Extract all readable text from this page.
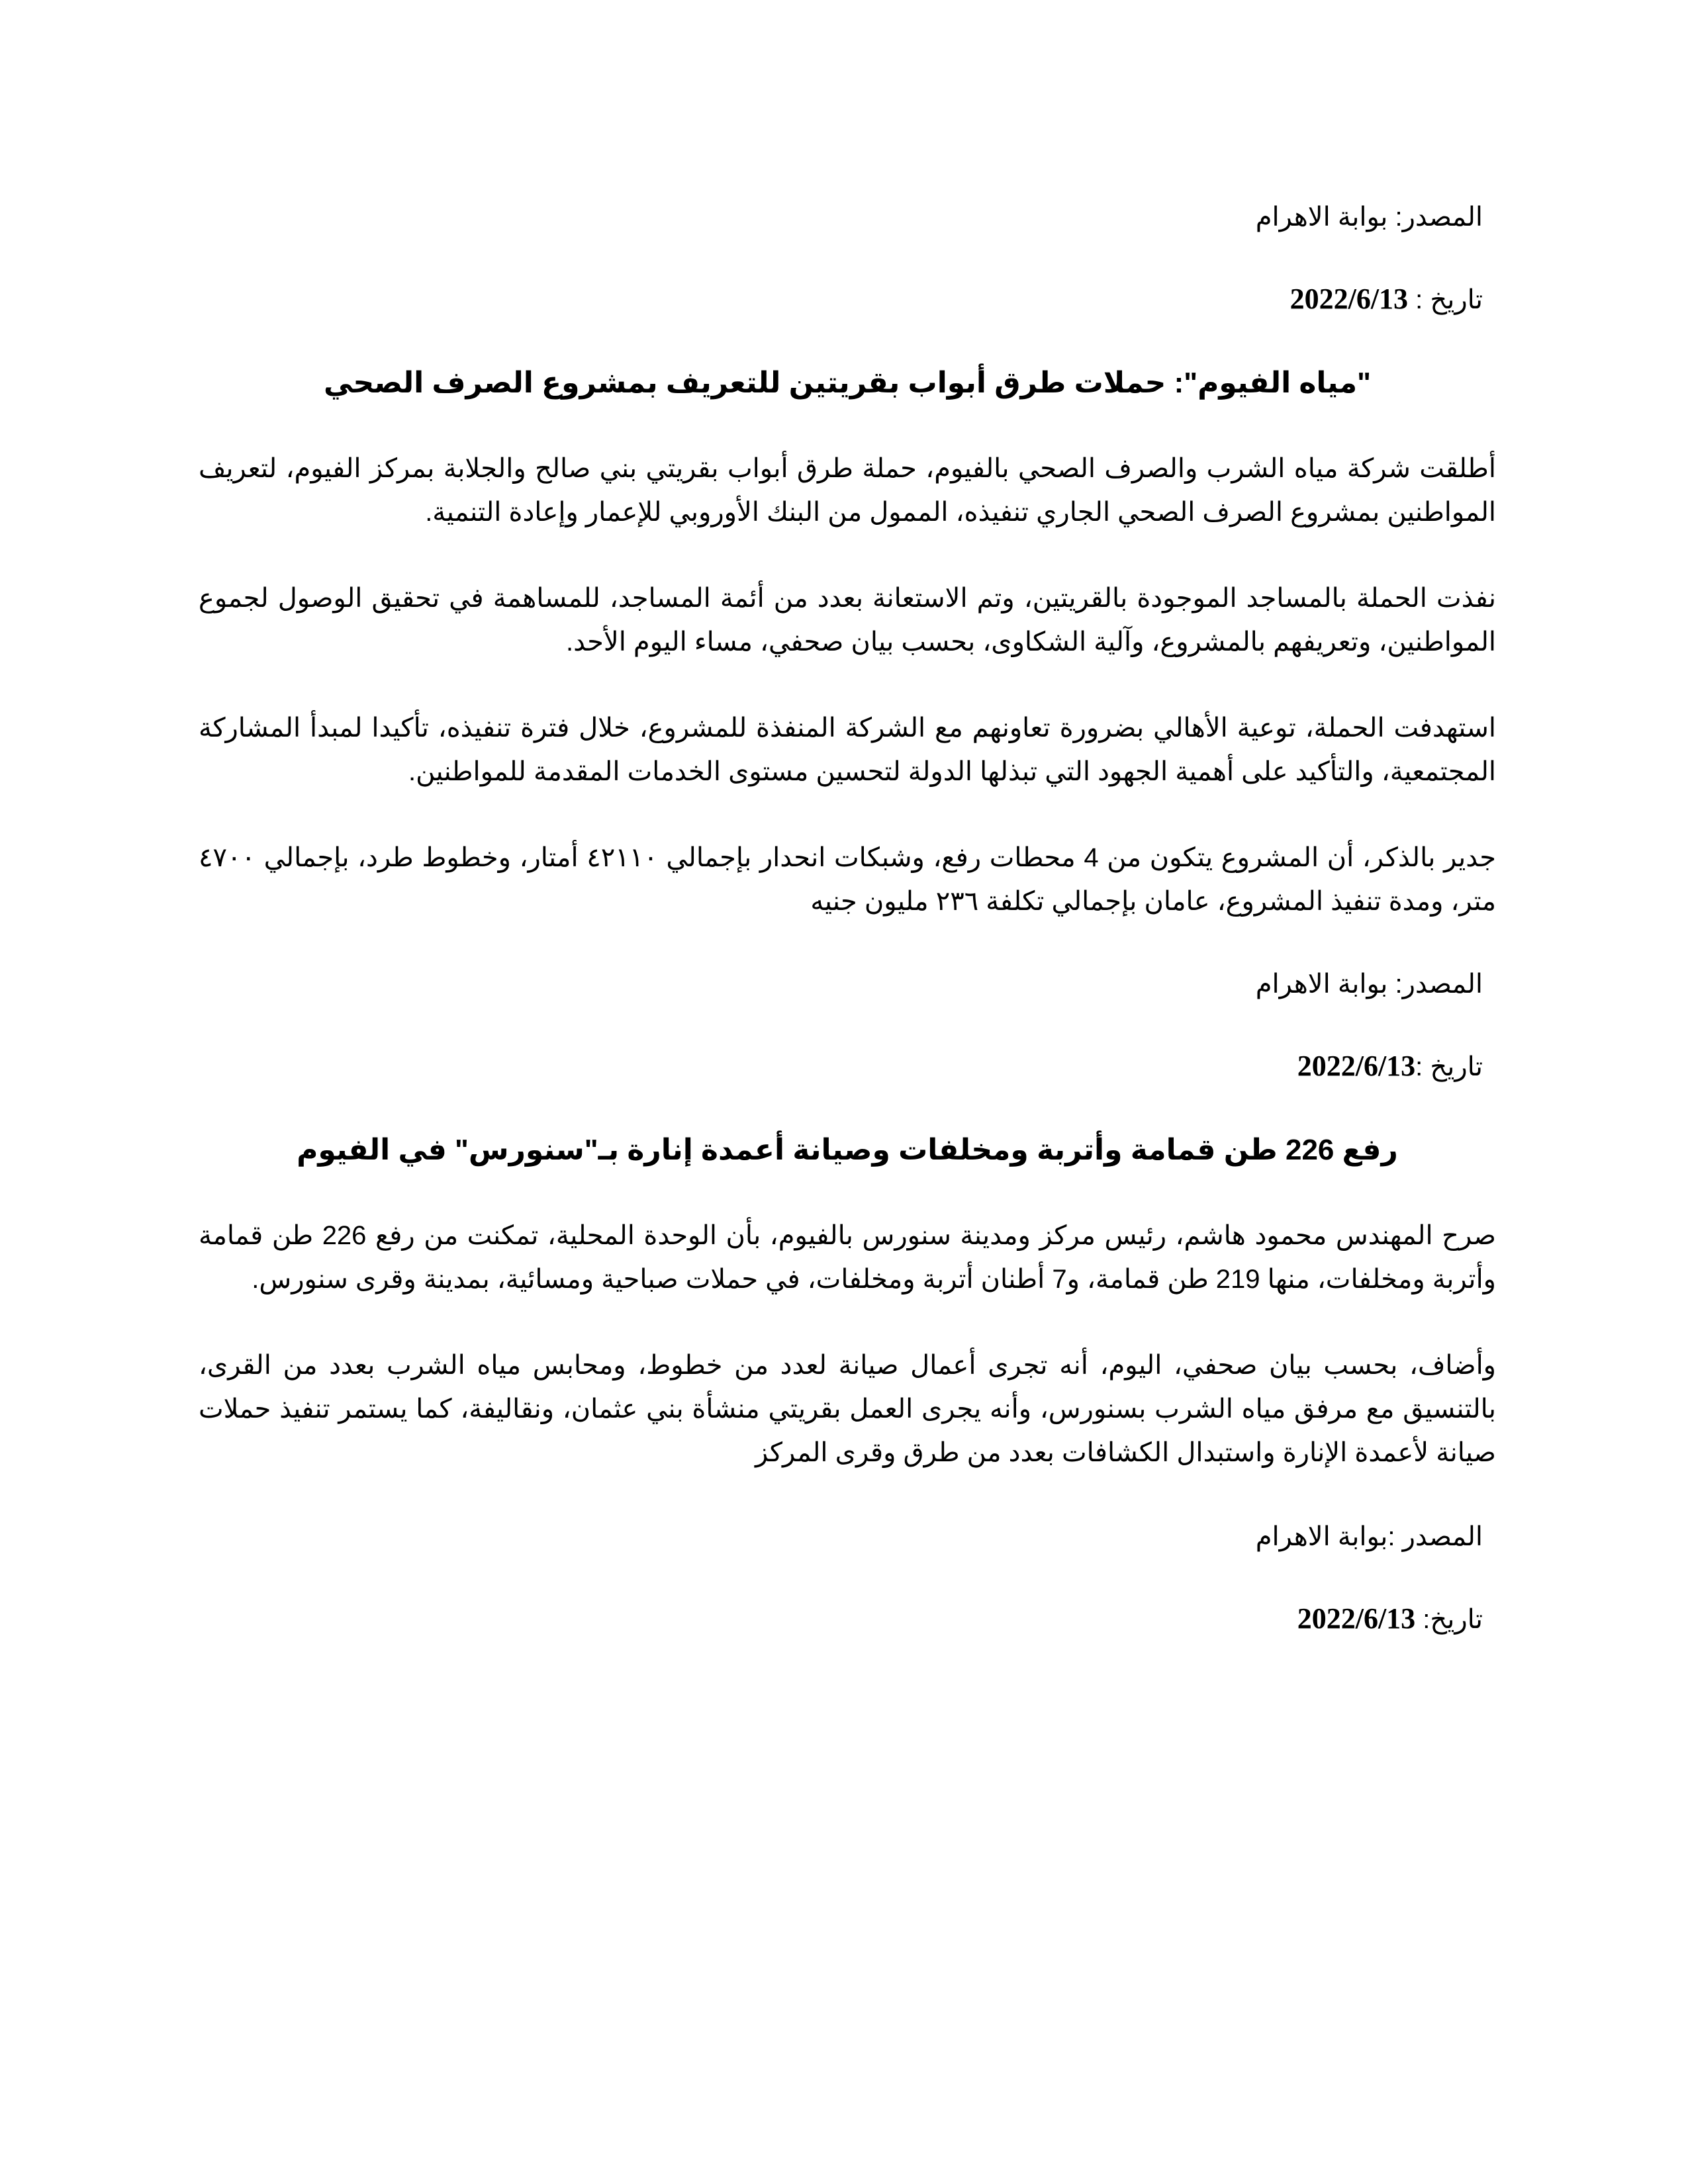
المصدر: بوابة الاهرام

تاريخ : 2022/6/13

"مياه الفيوم": حملات طرق أبواب بقريتين للتعريف بمشروع الصرف الصحي

أطلقت شركة مياه الشرب والصرف الصحي بالفيوم، حملة طرق أبواب بقريتي بني صالح والجلابة بمركز الفيوم، لتعريف المواطنين بمشروع الصرف الصحي الجاري تنفيذه، الممول من البنك الأوروبي للإعمار وإعادة التنمية.

نفذت الحملة بالمساجد الموجودة بالقريتين، وتم الاستعانة بعدد من أئمة المساجد، للمساهمة في تحقيق الوصول لجموع المواطنين، وتعريفهم بالمشروع، وآلية الشكاوى، بحسب بيان صحفي، مساء اليوم الأحد.

استهدفت الحملة، توعية الأهالي بضرورة تعاونهم مع الشركة المنفذة للمشروع، خلال فترة تنفيذه، تأكيدا لمبدأ المشاركة المجتمعية، والتأكيد على أهمية الجهود التي تبذلها الدولة لتحسين مستوى الخدمات المقدمة للمواطنين.

جدير بالذكر، أن المشروع يتكون من 4 محطات رفع، وشبكات انحدار بإجمالي ٤٢١١٠ أمتار، وخطوط طرد، بإجمالي ٤٧٠٠ متر، ومدة تنفيذ المشروع، عامان بإجمالي تكلفة ٢٣٦ مليون جنيه

المصدر: بوابة الاهرام

تاريخ :2022/6/13

رفع 226 طن قمامة وأتربة ومخلفات وصيانة أعمدة إنارة بـ"سنورس" في الفيوم

صرح المهندس محمود هاشم، رئيس مركز ومدينة سنورس بالفيوم، بأن الوحدة المحلية، تمكنت من رفع 226 طن قمامة وأتربة ومخلفات، منها 219 طن قمامة، و7 أطنان أتربة ومخلفات، في حملات صباحية ومسائية، بمدينة وقرى سنورس.

وأضاف، بحسب بيان صحفي، اليوم، أنه تجرى أعمال صيانة لعدد من خطوط، ومحابس مياه الشرب بعدد من القرى، بالتنسيق مع مرفق مياه الشرب بسنورس، وأنه يجرى العمل بقريتي منشأة بني عثمان، ونقاليفة، كما يستمر تنفيذ حملات صيانة لأعمدة الإنارة واستبدال الكشافات بعدد من طرق وقرى المركز

المصدر :بوابة الاهرام

تاريخ: 2022/6/13
